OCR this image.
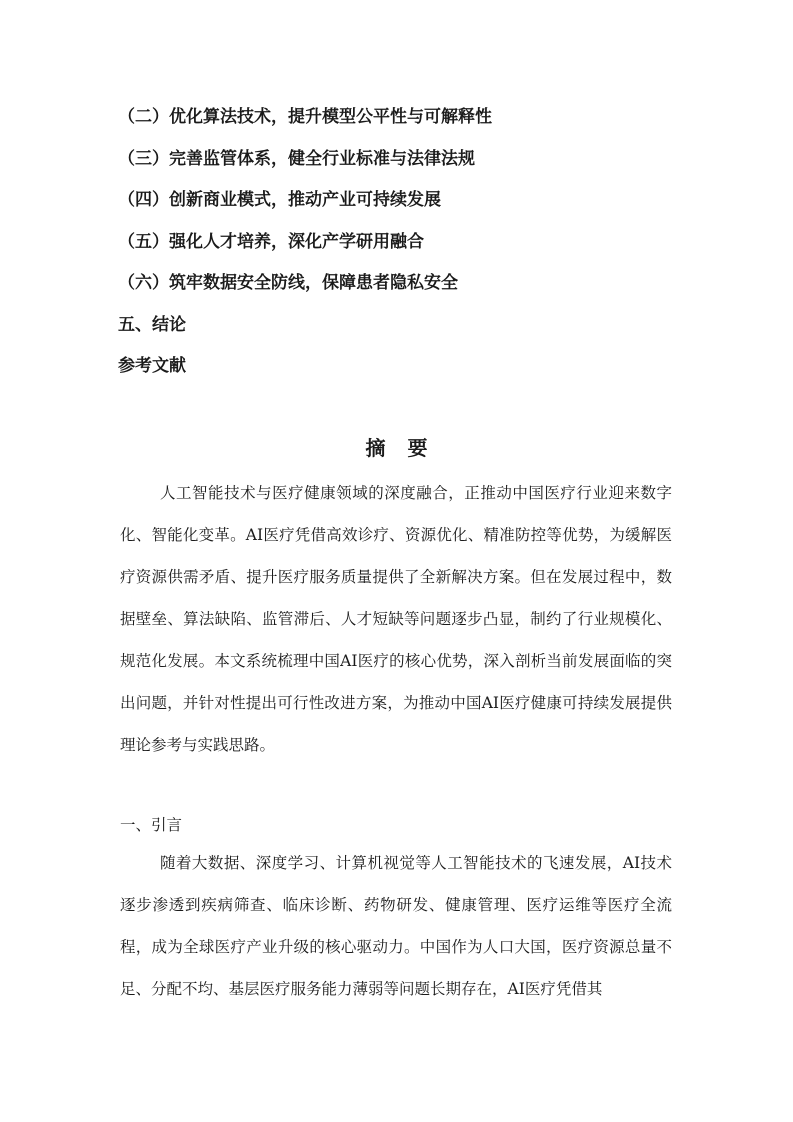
（二）优化算法技术，提升模型公平性与可解释性
（三）完善监管体系，健全行业标准与法律法规
（四）创新商业模式，推动产业可持续发展
（五）强化人才培养，深化产学研用融合
（六）筑牢数据安全防线，保障患者隐私安全
五、结论
参考文献
摘要
人工智能技术与医疗健康领域的深度融合，正推动中国医疗行业迎来数字化、智能化变革。AI医疗凭借高效诊疗、资源优化、精准防控等优势，为缓解医疗资源供需矛盾、提升医疗服务质量提供了全新解决方案。但在发展过程中，数据壁垒、算法缺陷、监管滞后、人才短缺等问题逐步凸显，制约了行业规模化、规范化发展。本文系统梳理中国AI医疗的核心优势，深入剖析当前发展面临的突出问题，并针对性提出可行性改进方案，为推动中国AI医疗健康可持续发展提供理论参考与实践思路。
一、引言
随着大数据、深度学习、计算机视觉等人工智能技术的飞速发展，AI技术逐步渗透到疾病筛查、临床诊断、药物研发、健康管理、医疗运维等医疗全流程，成为全球医疗产业升级的核心驱动力。中国作为人口大国，医疗资源总量不足、分配不均、基层医疗服务能力薄弱等问题长期存在，AI医疗凭借其
